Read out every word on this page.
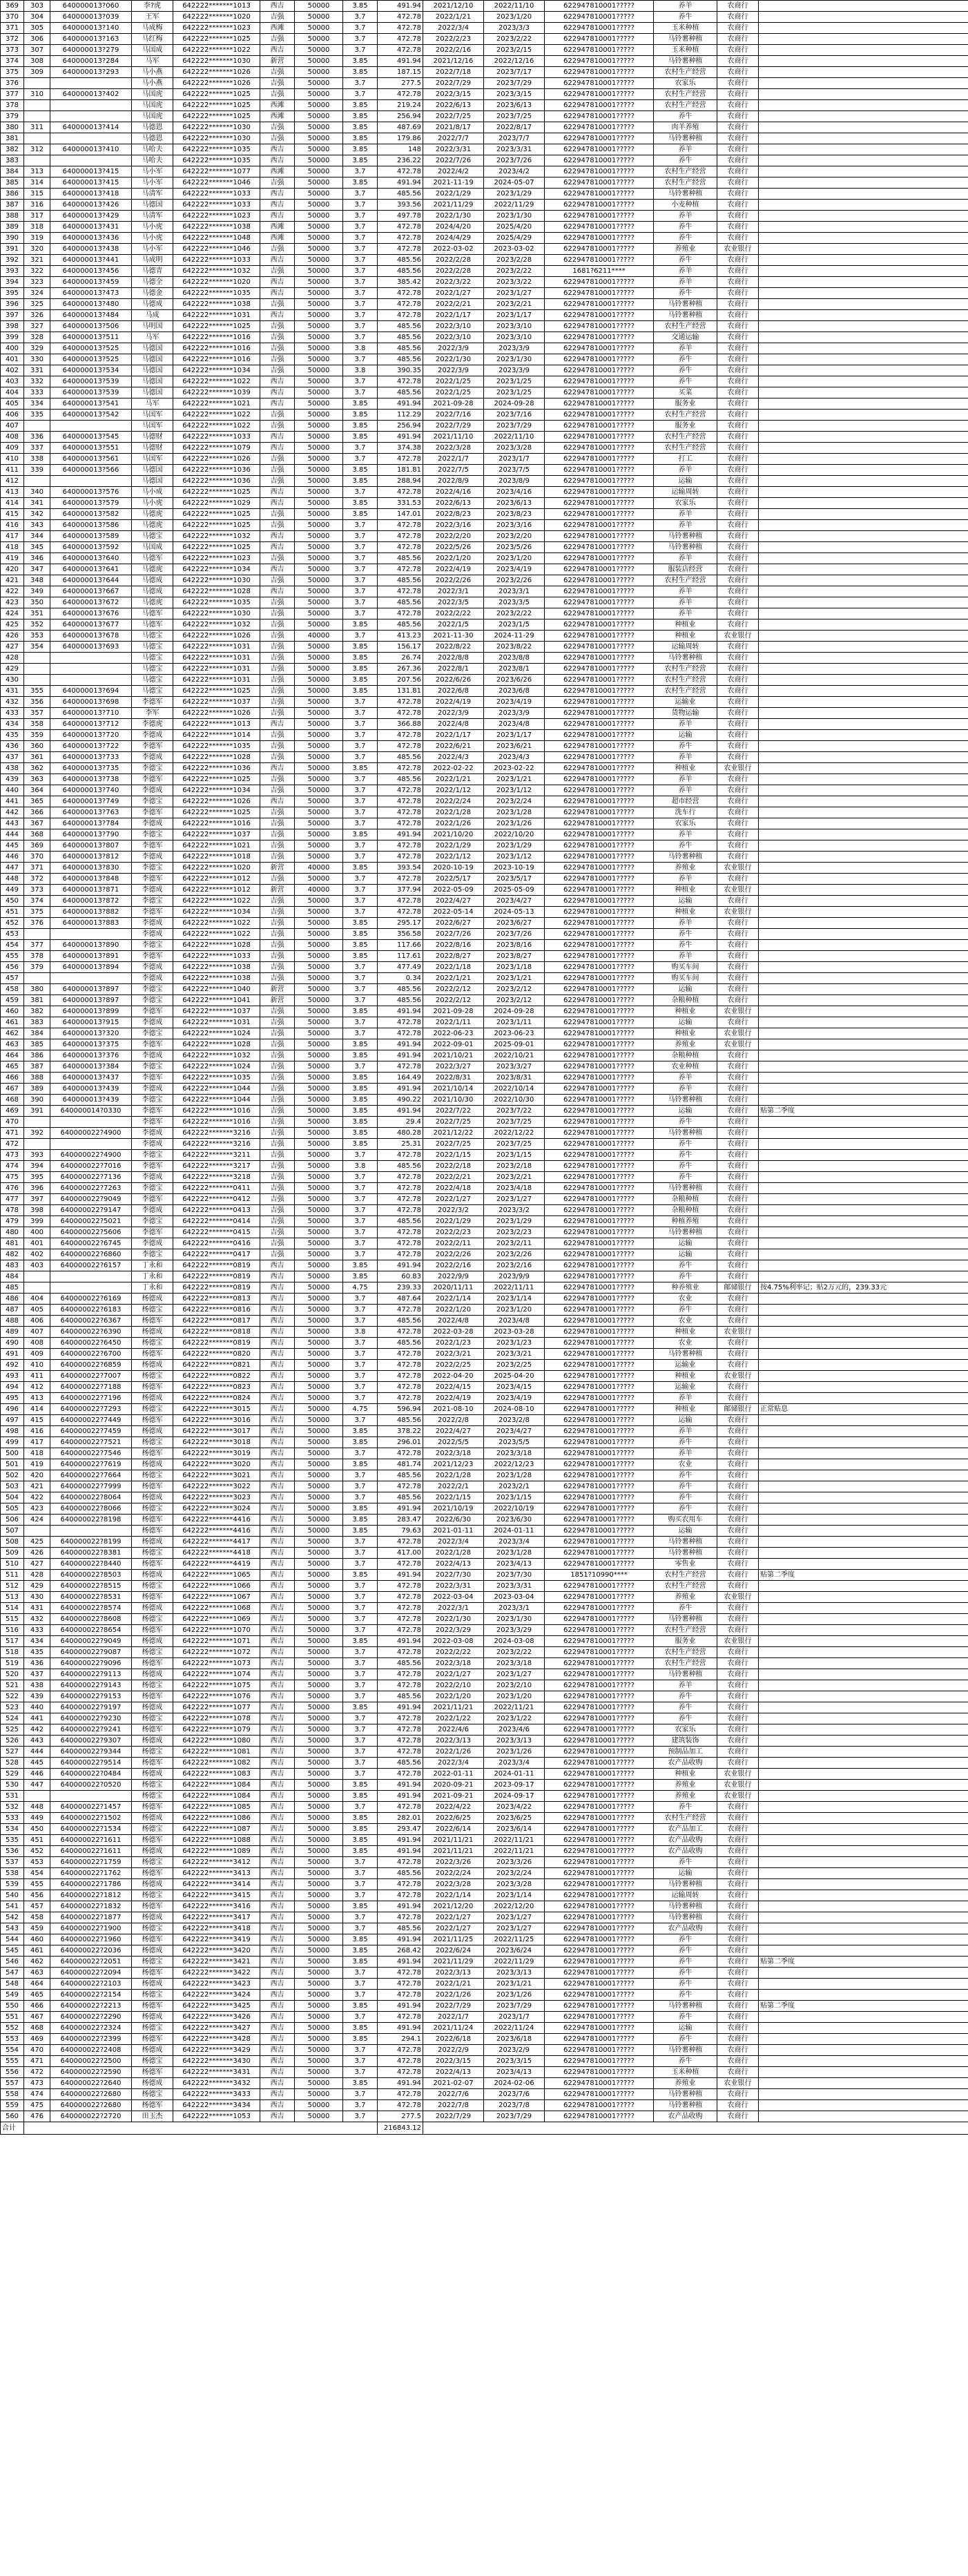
369	303	640000013?060	李?虎	642222*******1013	西吉	50000	3.85	491.94	2021/12/10	2022/11/10	622947810001?????	养羊	农商行	
370	304	640000013?039	王军	642222*******1020	吉强	50000	3.7	472.78	2022/1/21	2023/1/20	622947810001?????	养牛	农商行	
371	305	640000013?140	马成梅	642222*******1023	西滩	50000	3.7	472.78	2022/3/4	2023/3/3	622947810001?????	玉米种植	农商行	
372	306	640000013?163	马红梅	642222*******1025	吉强	50000	3.7	472.78	2022/2/23	2023/2/22	622947810001?????	马铃薯种植	农商行	
373	307	640000013?279	马国成	642222*******1022	西吉	50000	3.7	472.78	2022/2/16	2023/2/15	622947810001?????	玉米种植	农商行	
374	308	640000013?284	马军	642222*******1030	新营	50000	3.85	491.94	2021/12/16	2022/12/16	622947810001?????	马铃薯种植	农商行	
375	309	640000013?293	马小燕	642222*******1026	吉强	50000	3.85	187.15	2022/7/18	2023/7/17	622947810001?????	农村生产经营	农商行	
376			马小燕	642222*******1026	吉强	50000	3.7	277.5	2022/7/29	2023/7/29	622947810001?????	农家乐	农商行	
377	310	640000013?402	马国虎	642222*******1025	吉强	50000	3.7	472.78	2022/3/15	2023/3/15	622947810001?????	农村生产经营	农商行	
378			马国虎	642222*******1025	西滩	50000	3.85	219.24	2022/6/13	2023/6/13	622947810001?????	农村生产经营	农商行	
379			马国虎	642222*******1025	西滩	50000	3.85	256.94	2022/7/25	2023/7/25	622947810001?????	养牛	农商行	
380	311	640000013?414	马德恩	642222*******1030	吉强	50000	3.85	487.69	2021/8/17	2022/8/17	622947810001?????	肉羊养殖	农商行	
381			马德恩	642222*******1030	吉强	50000	3.85	179.86	2022/7/7	2023/7/7	622947810001?????	马铃薯种植	农商行	
382	312	640000013?410	马哈夫	642222*******1035	西吉	50000	3.85	148	2022/3/31	2023/3/31	622947810001?????	养羊	农商行	
383			马哈夫	642222*******1035	西吉	50000	3.85	236.22	2022/7/26	2023/7/26	622947810001?????	养牛	农商行	
384	313	640000013?415	马小军	642222*******1077	西滩	50000	3.7	472.78	2022/4/2	2023/4/2	622947810001?????	农村生产经营	农商行	
385	314	640000013?415	马小军	642222*******1046	吉强	50000	3.85	491.94	2021-11-19	2024-05-07	622947810001?????	农村生产经营	农商行	
386	315	640000013?418	马清军	642222*******1033	西吉	50000	3.7	485.56	2022/1/29	2023/1/29	622947810001?????	马铃薯种植	农商行	
387	316	640000013?426	马德国	642222*******1033	西吉	50000	3.7	393.56	2021/11/29	2022/11/29	622947810001?????	小麦种植	农商行	
388	317	640000013?429	马清军	642222*******1023	西吉	50000	3.7	497.78	2022/1/30	2023/1/30	622947810001?????	养羊	农商行	
389	318	640000013?431	马小虎	642222*******1038	西滩	50000	3.7	472.78	2024/4/20	2025/4/20	622947810001?????	养牛	农商行	
390	319	640000013?436	马小虎	642222*******1048	西滩	50000	3.7	472.78	2024/4/29	2025/4/29	622947810001?????	养牛	农商行	
391	320	640000013?438	马小军	642222*******1046	吉强	50000	3.7	472.78	2022-03-02	2023-03-02	622947810001?????	养殖业	农业银行	
392	321	640000013?441	马成明	642222*******1033	西吉	50000	3.7	485.56	2022/2/28	2023/2/28	622947810001?????	养牛	农商行	
393	322	640000013?456	马德青	642222*******1032	吉强	50000	3.7	485.56	2022/2/28	2023/2/22	1681?6211****	养羊	农商行	
394	323	640000013?459	马德全	642222*******1020	西吉	50000	3.7	385.42	2022/3/22	2023/3/22	622947810001?????	养羊	农商行	
395	324	640000013?473	马德金	642222*******1035	西吉	50000	3.7	472.78	2022/1/27	2023/1/27	622947810001?????	养牛	农商行	
396	325	640000013?480	马德成	642222*******1038	吉强	50000	3.7	472.78	2022/2/21	2023/2/21	622947810001?????	马铃薯种植	农商行	
397	326	640000013?484	马成	642222*******1031	西吉	50000	3.7	472.78	2022/1/17	2023/1/17	622947810001?????	马铃薯种植	农商行	
398	327	640000013?506	马明国	642222*******1025	吉强	50000	3.7	485.56	2022/3/10	2023/3/10	622947810001?????	农村生产经营	农商行	
399	328	640000013?511	马军	642222*******1016	吉强	50000	3.7	485.56	2022/3/10	2023/3/10	622947810001?????	交通运输	农商行	
400	329	640000013?525	马德国	642222*******1016	吉强	50000	3.8	485.56	2022/3/9	2023/3/9	622947810001?????	养羊	农商行	
401	330	640000013?525	马德国	642222*******1016	吉强	50000	3.7	485.56	2022/1/30	2023/1/30	622947810001?????	养牛	农商行	
402	331	640000013?534	马德国	642222*******1034	吉强	50000	3.8	390.35	2022/3/9	2023/3/9	622947810001?????	养牛	农商行	
403	332	640000013?539	马德国	642222*******1022	西吉	50000	3.7	472.78	2022/1/25	2023/1/25	622947810001?????	养牛	农商行	
404	333	640000013?539	马德国	642222*******1039	西吉	50000	3.7	485.56	2022/1/25	2023/1/25	622947810001?????	买菜	农商行	
405	334	640000013?541	马军	642222*******1021	西吉	50000	3.85	491.94	2021-09-28	2024-09-28	622947810001?????	服务业	农商行	
406	335	640000013?542	马国军	642222*******1022	吉强	50000	3.85	112.29	2022/7/16	2023/7/16	622947810001?????	农村生产经营	农商行	
407			马国军	642222*******1022	吉强	50000	3.85	256.94	2022/7/29	2023/7/29	622947810001?????	服务业	农商行	
408	336	640000013?545	马德财	642222*******1033	西吉	50000	3.85	491.94	2021/11/10	2022/11/10	622947810001?????	农村生产经营	农商行	
409	337	640000013?551	马德财	642222*******1079	西吉	50000	3.7	374.38	2022/3/28	2023/3/28	622947810001?????	农村生产经营	农商行	
410	338	640000013?561	马国军	642222*******1026	吉强	50000	3.7	472.78	2022/1/7	2023/1/7	622947810001?????	打工	农商行	
411	339	640000013?566	马德国	642222*******1036	吉强	50000	3.85	181.81	2022/7/5	2023/7/5	622947810001?????	养羊	农商行	
412			马德国	642222*******1036	吉强	50000	3.85	288.94	2022/8/9	2023/8/9	622947810001?????	运输	农商行	
413	340	640000013?576	马小成	642222*******1025	西吉	50000	3.7	472.78	2022/4/16	2023/4/16	622947810001?????	运输周转	农商行	
414	341	640000013?579	马小虎	642222*******1029	西吉	50000	3.85	331.53	2022/6/13	2023/6/13	622947810001?????	农家乐	农商行	
415	342	640000013?582	马德虎	642222*******1025	吉强	50000	3.85	147.01	2022/8/23	2023/8/23	622947810001?????	养羊	农商行	
416	343	640000013?586	马德虎	642222*******1025	吉强	50000	3.7	472.78	2022/3/16	2023/3/16	622947810001?????	养羊	农商行	
417	344	640000013?589	马德宝	642222*******1032	西吉	50000	3.7	472.78	2022/2/20	2023/2/20	622947810001?????	马铃薯种植	农商行	
418	345	640000013?592	马国成	642222*******1025	西吉	50000	3.7	472.78	2022/5/26	2023/5/26	622947810001?????	马铃薯种植	农商行	
419	346	640000013?640	马德军	642222*******1023	吉强	50000	3.7	485.56	2022/1/20	2023/1/20	622947810001?????	养羊	农商行	
420	347	640000013?641	马德虎	642222*******1034	西吉	50000	3.7	472.78	2022/4/19	2023/4/19	622947810001?????	服装店经营	农商行	
421	348	640000013?644	马德成	642222*******1030	吉强	50000	3.7	485.56	2022/2/26	2023/2/26	622947810001?????	农村生产经营	农商行	
422	349	640000013?667	马德成	642222*******1028	西吉	50000	3.7	472.78	2022/3/1	2023/3/1	622947810001?????	养羊	农商行	
423	350	640000013?672	马德虎	642222*******1035	吉强	50000	3.7	485.56	2022/3/5	2023/3/5	622947810001?????	养羊	农商行	
424	351	640000013?676	马德军	642222*******1030	吉强	50000	3.7	472.78	2022/2/22	2023/2/22	622947810001?????	养羊	农商行	
425	352	640000013?677	马德军	642222*******1032	吉强	50000	3.85	485.56	2022/1/5	2023/1/5	622947810001?????	种植业	农商行	
426	353	640000013?678	马德宝	642222*******1026	吉强	40000	3.7	413.23	2021-11-30	2024-11-29	622947810001?????	种植业	农业银行	
427	354	640000013?693	马德宝	642222*******1031	吉强	50000	3.85	156.17	2022/8/22	2023/8/22	622947810001?????	运输周转	农商行	
428			马德宝	642222*******1031	吉强	50000	3.85	26.74	2022/8/8	2023/8/8	622947810001?????	马铃薯种植	农商行	
429			马德宝	642222*******1031	吉强	50000	3.85	267.36	2022/8/1	2023/8/1	622947810001?????	农村生产经营	农商行	
430			马德宝	642222*******1031	吉强	50000	3.85	207.56	2022/6/26	2023/6/26	622947810001?????	农村生产经营	农商行	
431	355	640000013?694	马德宝	642222*******1025	吉强	50000	3.85	131.81	2022/6/8	2023/6/8	622947810001?????	农村生产经营	农商行	
432	356	640000013?698	李德军	642222*******1037	吉强	50000	3.7	472.78	2022/4/19	2023/4/19	622947810001?????	运输业	农商行	
433	357	640000013?710	李军	642222*******1026	吉强	50000	3.7	472.78	2022/3/9	2023/3/9	622947810001?????	货物运输	农商行	
434	358	640000013?712	李德虎	642222*******1013	西吉	50000	3.7	366.88	2022/4/8	2023/4/8	622947810001?????	养羊	农商行	
435	359	640000013?720	李德成	642222*******1014	吉强	50000	3.7	472.78	2022/1/17	2023/1/17	622947810001?????	运输	农商行	
436	360	640000013?722	李德军	642222*******1035	吉强	50000	3.7	472.78	2022/6/21	2023/6/21	622947810001?????	养牛	农商行	
437	361	640000013?733	李德成	642222*******1028	吉强	50000	3.7	485.56	2022/4/3	2023/4/3	622947810001?????	养羊	农商行	
438	362	640000013?735	李德宝	642222*******1036	西吉	50000	3.85	472.78	2022-02-22	2023-02-22	622947810001?????	种植业	农业银行	
439	363	640000013?738	李德军	642222*******1025	吉强	50000	3.7	485.56	2022/1/21	2023/1/21	622947810001?????	养羊	农商行	
440	364	640000013?740	李德成	642222*******1034	吉强	50000	3.7	472.78	2022/1/12	2023/1/12	622947810001?????	养羊	农商行	
441	365	640000013?749	李德宝	642222*******1026	西吉	50000	3.7	472.78	2022/2/24	2023/2/24	622947810001?????	超市经营	农商行	
442	366	640000013?763	李德军	642222*******1025	吉强	50000	3.7	472.78	2022/1/28	2023/1/28	622947810001?????	洗车行	农商行	
443	367	640000013?784	李德成	642222*******1016	吉强	50000	3.7	472.78	2022/1/26	2023/1/26	622947810001?????	农家乐	农商行	
444	368	640000013?790	李德宝	642222*******1037	吉强	50000	3.85	491.94	2021/10/20	2022/10/20	622947810001?????	养羊	农商行	
445	369	640000013?807	李德军	642222*******1021	吉强	50000	3.7	472.78	2022/1/29	2023/1/29	622947810001?????	养牛	农商行	
446	370	640000013?812	李德成	642222*******1018	吉强	50000	3.7	472.78	2022/1/12	2023/1/12	622947810001?????	马铃薯种植	农商行	
447	371	640000013?830	李德宝	642222*******1020	新营	40000	3.85	393.54	2020-10-19	2023-10-19	622947810001?????	养殖业	农业银行	
448	372	640000013?848	李德军	642222*******1012	吉强	50000	3.7	472.78	2022/5/17	2023/5/17	622947810001?????	养羊	农商行	
449	373	640000013?871	李德成	642222*******1012	新营	40000	3.7	377.94	2022-05-09	2025-05-09	622947810001?????	种植业	农业银行	
450	374	640000013?872	李德宝	642222*******1022	吉强	50000	3.7	472.78	2022/4/27	2023/4/27	622947810001?????	运输	农商行	
451	375	640000013?882	李德军	642222*******1034	吉强	50000	3.7	472.78	2022-05-14	2024-05-13	622947810001?????	种植业	农业银行	
452	376	640000013?883	李德成	642222*******1022	吉强	50000	3.85	295.17	2022/6/27	2023/6/27	622947810001?????	养羊	农商行	
453			李德成	642222*******1022	吉强	50000	3.85	356.58	2022/7/26	2023/7/26	622947810001?????	养牛	农商行	
454	377	640000013?890	李德宝	642222*******1028	吉强	50000	3.85	117.66	2022/8/16	2023/8/16	622947810001?????	养牛	农商行	
455	378	640000013?891	李德军	642222*******1033	吉强	50000	3.85	117.61	2022/8/27	2023/8/27	622947810001?????	养羊	农商行	
456	379	640000013?894	李德成	642222*******1038	吉强	50000	3.7	477.49	2022/1/18	2023/1/18	622947810001?????	购买车间	农商行	
457			李德成	642222*******1038	吉强	50000	3.7	0.34	2022/1/21	2023/1/21	622947810001?????	购买车间	农商行	
458	380	640000013?897	李德宝	642222*******1040	新营	50000	3.7	485.56	2022/2/12	2023/2/12	622947810001?????	运输	农商行	
459	381	640000013?897	李德宝	642222*******1041	新营	50000	3.7	485.56	2022/2/12	2023/2/12	622947810001?????	杂粮种植	农商行	
460	382	640000013?899	李德军	642222*******1037	吉强	50000	3.85	491.94	2021-09-28	2024-09-28	622947810001?????	种植业	农业银行	
461	383	640000013?915	李德成	642222*******1031	吉强	50000	3.7	472.78	2022/1/11	2023/1/11	622947810001?????	运输	农商行	
462	384	640000013?320	李德宝	642222*******1024	吉强	50000	3.7	472.78	2022-06-23	2023-06-23	622947810001?????	种植业	农业银行	
463	385	640000013?375	李德军	642222*******1028	吉强	50000	3.85	491.94	2022-09-01	2025-09-01	622947810001?????	养殖业	农业银行	
464	386	640000013?376	李德成	642222*******1032	吉强	50000	3.85	491.94	2021/10/21	2022/10/21	622947810001?????	杂粮种植	农商行	
465	387	640000013?384	李德宝	642222*******1024	吉强	50000	3.7	472.78	2022/3/27	2023/3/27	622947810001?????	农业种植	农商行	
466	388	640000013?437	李德军	642222*******1035	吉强	50000	3.85	164.49	2022/8/31	2023/8/31	622947810001?????	养羊	农商行	
467	389	640000013?439	李德成	642222*******1044	吉强	50000	3.85	491.94	2021/10/14	2022/10/14	622947810001?????	养羊	农商行	
468	390	640000013?439	李德宝	642222*******1044	吉强	50000	3.85	490.22	2021/10/30	2022/10/30	622947810001?????	马铃薯种植	农商行	
469	391	640000014?0330	李德军	642222*******1016	吉强	50000	3.85	491.94	2022/7/22	2023/7/22	622947810001?????	运输	农商行	贴第二季度
470			李德军	642222*******1016	吉强	50000	3.85	29.4	2022/7/25	2023/7/25	622947810001?????	养牛	农商行	
471	392	640000022?4900	李德成	642222*******3216	吉强	50000	3.85	480.28	2021/12/22	2022/12/22	622947810001?????	马铃薯种植	农商行	
472			李德成	642222*******3216	吉强	50000	3.85	25.31	2022/7/25	2023/7/25	622947810001?????	养牛	农商行	
473	393	640000022?4900	李德宝	642222*******3211	吉强	50000	3.7	472.78	2022/1/15	2023/1/15	622947810001?????	养牛	农商行	
474	394	640000022?7016	李德军	642222*******3217	吉强	50000	3.8	485.56	2022/2/18	2023/2/18	622947810001?????	养牛	农商行	
475	395	640000022?7136	李德成	642222*******3218	吉强	50000	3.7	472.78	2022/2/21	2023/2/21	622947810001?????	养牛	农商行	
476	396	640000022?7263	李德宝	642222*******0411	吉强	50000	3.7	472.78	2022/4/18	2023/4/18	622947810001?????	马铃薯种植	农商行	
477	397	640000022?9049	李德军	642222*******0412	吉强	50000	3.7	472.78	2022/1/27	2023/1/27	622947810001?????	杂粮种植	农商行	
478	398	640000022?9147	李德成	642222*******0413	吉强	50000	3.7	472.78	2022/3/2	2023/3/2	622947810001?????	杂粮种植	农商行	
479	399	640000022?5021	李德宝	642222*******0414	吉强	50000	3.7	485.56	2022/1/29	2023/1/29	622947810001?????	种植养殖	农商行	
480	400	640000022?5606	李德军	642222*******0415	吉强	50000	3.7	472.78	2022/2/23	2023/2/23	622947810001?????	马铃薯种植	农商行	
481	401	640000022?6745	李德成	642222*******0416	吉强	50000	3.7	472.78	2022/2/11	2023/2/11	622947810001?????	运输	农商行	
482	402	640000022?6860	李德宝	642222*******0417	吉强	50000	3.7	472.78	2022/2/26	2023/2/26	622947810001?????	运输	农商行	
483	403	640000022?6157	丁永和	642222*******0819	西吉	50000	3.85	491.94	2022/2/16	2023/2/16	622947810001?????	养牛	农商行	
484			丁永和	642222*******0819	西吉	50000	3.85	60.83	2022/9/9	2023/9/9	622947810001?????	养牛	农商行	
485			丁永和	642222*******0819	西吉	50000	4.75	239.33	2020/11/11	2022/11/11	622947810001?????	种养殖业	邮储银行	按4.75%利率记；贴2万元的，239.33元
486	404	640000022?6169	杨德成	642222*******0813	西吉	50000	3.7	487.64	2022/1/14	2023/1/14	622947810001?????	农业	农商行	
487	405	640000022?6183	杨德宝	642222*******0816	西吉	50000	3.7	472.78	2022/1/20	2023/1/20	622947810001?????	养牛	农商行	
488	406	640000022?6367	杨德军	642222*******0817	西吉	50000	3.7	485.56	2022/4/8	2023/4/8	622947810001?????	农业	农商行	
489	407	640000022?6390	杨德成	642222*******0818	西吉	50000	3.8	472.78	2022-03-28	2023-03-28	622947810001?????	种植业	农业银行	
490	408	640000022?6450	杨德宝	642222*******0819	西吉	50000	3.7	485.56	2022/1/23	2023/1/23	622947810001?????	农业	农商行	
491	409	640000022?6700	杨德军	642222*******0820	西吉	50000	3.7	472.78	2022/3/21	2023/3/21	622947810001?????	马铃薯种植	农商行	
492	410	640000022?6859	杨德成	642222*******0821	西吉	50000	3.7	472.78	2022/2/25	2023/2/25	622947810001?????	运输业	农商行	
493	411	640000022?7007	杨德宝	642222*******0822	西吉	50000	3.7	472.78	2022-04-20	2025-04-20	622947810001?????	种植业	农业银行	
494	412	640000022?7188	杨德军	642222*******0823	西吉	50000	3.7	472.78	2022/4/15	2023/4/15	622947810001?????	运输业	农商行	
495	413	640000022?7196	杨德成	642222*******0824	西吉	50000	3.7	472.78	2022/4/19	2023/4/19	622947810001?????	养羊	农商行	
496	414	640000022?7293	杨德宝	642222*******3015	西吉	50000	4.75	596.94	2021-08-10	2024-08-10	622947810001?????	种植业	邮储银行	正常贴息
497	415	640000022?7449	杨德军	642222*******3016	西吉	50000	3.7	485.56	2022/2/8	2023/2/8	622947810001?????	运输	农商行	
498	416	640000022?7459	杨德成	642222*******3017	西吉	50000	3.85	378.22	2022/4/27	2023/4/27	622947810001?????	养羊	农商行	
499	417	640000022?7521	杨德宝	642222*******3018	西吉	50000	3.85	296.01	2022/5/5	2023/5/5	622947810001?????	养牛	农商行	
500	418	640000022?7546	杨德军	642222*******3019	西吉	50000	3.7	472.78	2022/3/18	2023/3/18	622947810001?????	养羊	农商行	
501	419	640000022?7619	杨德成	642222*******3020	西吉	50000	3.85	481.74	2021/12/23	2022/12/23	622947810001?????	农业	农商行	
502	420	640000022?7664	杨德宝	642222*******3021	西吉	50000	3.7	485.56	2022/1/28	2023/1/28	622947810001?????	养牛	农商行	
503	421	640000022?7999	杨德军	642222*******3022	西吉	50000	3.7	472.78	2022/2/1	2023/2/1	622947810001?????	养牛	农商行	
504	422	640000022?8064	杨德成	642222*******3023	西吉	50000	3.7	485.56	2022/1/15	2023/1/15	622947810001?????	养牛	农商行	
505	423	640000022?8066	杨德宝	642222*******3024	西吉	50000	3.85	491.94	2021/10/19	2022/10/19	622947810001?????	养牛	农商行	
506	424	640000022?8198	杨德军	642222*******4416	西吉	50000	3.85	283.47	2022/6/30	2023/6/30	622947810001?????	购买农用车	农商行	
507			杨德军	642222*******4416	西吉	50000	3.85	79.63	2021-01-11	2024-01-11	622947810001?????	运输	农商行	
508	425	640000022?8199	杨德成	642222*******4417	西吉	50000	3.7	472.78	2022/3/4	2023/3/4	622947810001?????	马铃薯种植	农商行	
509	426	640000022?8381	杨德宝	642222*******4418	西吉	50000	3.7	417.00	2022/1/28	2023/1/28	622947810001?????	马铃薯种植	农商行	
510	427	640000022?8440	杨德军	642222*******4419	西吉	50000	3.7	472.78	2022/4/13	2023/4/13	622947810001?????	零售业	农商行	
511	428	640000022?8503	杨德成	642222*******1065	西吉	50000	3.85	491.94	2022/7/30	2023/7/30	1851?10990****	农村生产经营	农商行	贴第二季度
512	429	640000022?8515	杨德宝	642222*******1066	西吉	50000	3.7	472.78	2022/3/31	2023/3/31	622947810001?????	农村生产经营	农商行	
513	430	640000022?8531	杨德军	642222*******1067	西吉	50000	3.7	472.78	2022-03-04	2023-03-04	622947810001?????	养殖业	农业银行	
514	431	640000022?8574	杨德成	642222*******1068	西吉	50000	3.7	472.78	2022/3/1	2023/3/1	622947810001?????	养牛	农商行	
515	432	640000022?8608	杨德宝	642222*******1069	西吉	50000	3.7	472.78	2022/1/30	2023/1/30	622947810001?????	马铃薯种植	农商行	
516	433	640000022?8654	杨德军	642222*******1070	西吉	50000	3.7	472.78	2022/3/29	2023/3/29	622947810001?????	农村生产经营	农商行	
517	434	640000022?9049	杨德成	642222*******1071	西吉	50000	3.85	491.94	2022-03-08	2024-03-08	622947810001?????	服务业	农业银行	
518	435	640000022?9087	杨德宝	642222*******1072	西吉	50000	3.7	472.78	2022/2/22	2023/2/22	622947810001?????	农村生产经营	农商行	
519	436	640000022?9096	杨德军	642222*******1073	西吉	50000	3.7	485.56	2022/3/18	2023/3/18	622947810001?????	农村生产经营	农商行	
520	437	640000022?9113	杨德成	642222*******1074	西吉	50000	3.7	472.78	2022/1/27	2023/1/27	622947810001?????	马铃薯种植	农商行	
521	438	640000022?9143	杨德宝	642222*******1075	西吉	50000	3.7	472.78	2022/2/10	2023/2/10	622947810001?????	养羊	农商行	
522	439	640000022?9153	杨德军	642222*******1076	西吉	50000	3.7	485.56	2022/1/20	2023/1/20	622947810001?????	养牛	农商行	
523	440	640000022?9197	杨德成	642222*******1077	西吉	50000	3.85	491.94	2021/11/21	2022/11/21	622947810001?????	养牛	农商行	
524	441	640000022?9230	杨德宝	642222*******1078	西吉	50000	3.7	472.78	2022/1/22	2023/1/22	622947810001?????	养牛	农商行	
525	442	640000022?9241	杨德军	642222*******1079	西吉	50000	3.7	472.78	2022/4/6	2023/4/6	622947810001?????	农家乐	农商行	
526	443	640000022?9307	杨德成	642222*******1080	西吉	50000	3.7	472.78	2022/3/13	2023/3/13	622947810001?????	建筑装饰	农商行	
527	444	640000022?9344	杨德宝	642222*******1081	西吉	50000	3.7	472.78	2022/1/26	2023/1/26	622947810001?????	预制品加工	农商行	
528	445	640000022?9514	杨德军	642222*******1082	西吉	50000	3.7	485.56	2022/3/4	2023/3/4	622947810001?????	农产品收购	农商行	
529	446	640000022?0484	杨德成	642222*******1083	西吉	50000	3.7	472.78	2022-01-11	2024-01-11	622947810001?????	种植业	农业银行	
530	447	640000022?0520	杨德宝	642222*******1084	西吉	50000	3.85	491.94	2020-09-21	2023-09-17	622947810001?????	养殖业	农业银行	
531			杨德宝	642222*******1084	西吉	50000	3.85	491.94	2021-09-21	2024-09-17	622947810001?????	养殖业	农业银行	
532	448	640000022?1457	杨德军	642222*******1085	西吉	50000	3.7	472.78	2022/4/22	2023/4/22	622947810001?????	养牛	农商行	
533	449	640000022?1502	杨德成	642222*******1086	西吉	50000	3.85	282.01	2022/6/25	2023/6/25	622947810001?????	农村生产经营	农商行	
534	450	640000022?1534	杨德宝	642222*******1087	西吉	50000	3.85	293.47	2022/6/14	2023/6/14	622947810001?????	农产品加工	农商行	
535	451	640000022?1611	杨德军	642222*******1088	西吉	50000	3.85	491.94	2021/11/21	2022/11/21	622947810001?????	农产品收购	农商行	
536	452	640000022?1611	杨德成	642222*******1089	西吉	50000	3.85	491.94	2021/11/21	2022/11/21	622947810001?????	农产品收购	农商行	
537	453	640000022?1759	杨德宝	642222*******3412	西吉	50000	3.7	472.78	2022/3/26	2023/3/26	622947810001?????	养牛	农商行	
538	454	640000022?1762	杨德军	642222*******3413	西吉	50000	3.7	485.56	2022/2/24	2023/2/24	622947810001?????	运输	农商行	
539	455	640000022?1786	杨德成	642222*******3414	西吉	50000	3.7	472.78	2022/3/28	2023/3/28	622947810001?????	马铃薯种植	农商行	
540	456	640000022?1812	杨德宝	642222*******3415	西吉	50000	3.7	472.78	2022/1/14	2023/1/14	622947810001?????	运输周转	农商行	
541	457	640000022?1832	杨德军	642222*******3416	西吉	50000	3.85	491.94	2021/12/20	2022/12/20	622947810001?????	马铃薯种植	农商行	
542	458	640000022?1877	杨德成	642222*******3417	西吉	50000	3.7	472.78	2022/1/27	2023/1/27	622947810001?????	马铃薯种植	农商行	
543	459	640000022?1900	杨德宝	642222*******3418	西吉	50000	3.7	485.56	2022/1/27	2023/1/27	622947810001?????	农产品收购	农商行	
544	460	640000022?1960	杨德军	642222*******3419	西吉	50000	3.85	491.94	2021/11/25	2022/11/25	622947810001?????	养牛	农商行	
545	461	640000022?2036	杨德成	642222*******3420	西吉	50000	3.85	268.42	2022/6/24	2023/6/24	622947810001?????	养牛	农商行	
546	462	640000022?2051	杨德宝	642222*******3421	西吉	50000	3.85	491.94	2021/11/29	2022/11/29	622947810001?????	养牛	农商行	贴第二季度
547	463	640000022?2094	杨德军	642222*******3422	西吉	50000	3.7	472.78	2022/3/13	2023/3/13	622947810001?????	养牛	农商行	
548	464	640000022?2103	杨德成	642222*******3423	西吉	50000	3.7	472.78	2022/1/21	2023/1/21	622947810001?????	养牛	农商行	
549	465	640000022?2154	杨德宝	642222*******3424	西吉	50000	3.7	472.78	2022/1/26	2023/1/26	622947810001?????	养牛	农商行	
550	466	640000022?2213	杨德军	642222*******3425	西吉	50000	3.85	491.94	2022/7/29	2023/7/29	622947810001?????	马铃薯种植	农商行	贴第二季度
551	467	640000022?2290	杨德成	642222*******3426	西吉	50000	3.7	472.78	2022/1/7	2023/1/7	622947810001?????	养牛	农商行	
552	468	640000022?2324	杨德宝	642222*******3427	西吉	50000	3.85	491.94	2021/11/24	2022/11/24	622947810001?????	运输	农商行	
553	469	640000022?2399	杨德军	642222*******3428	西吉	50000	3.85	294.1	2022/6/18	2023/6/18	622947810001?????	养牛	农商行	
554	470	640000022?2408	杨德成	642222*******3429	西吉	50000	3.7	472.78	2022/2/9	2023/2/9	622947810001?????	马铃薯种植	农商行	
555	471	640000022?2500	杨德宝	642222*******3430	西吉	50000	3.7	472.78	2022/3/15	2023/3/15	622947810001?????	养牛	农商行	
556	472	640000022?2590	杨德军	642222*******3431	西吉	50000	3.7	472.78	2022/4/13	2023/4/13	622947810001?????	玉米种植	农商行	
557	473	640000022?2640	杨德成	642222*******3432	西吉	50000	3.85	491.94	2021-02-07	2024-02-06	622947810001?????	养殖业	农业银行	
558	474	640000022?2680	杨德宝	642222*******3433	西吉	50000	3.7	472.78	2022/7/6	2023/7/6	622947810001?????	马铃薯种植	农商行	
559	475	640000022?2680	杨德军	642222*******3434	西吉	50000	3.7	472.78	2022/7/8	2023/7/8	622947810001?????	马铃薯种植	农商行	
560	476	640000022?2720	田玉杰	642222*******1053	西吉	50000	3.7	277.5	2022/7/29	2023/7/29	622947810001?????	农产品收购	农商行	
合计								216843.12						
